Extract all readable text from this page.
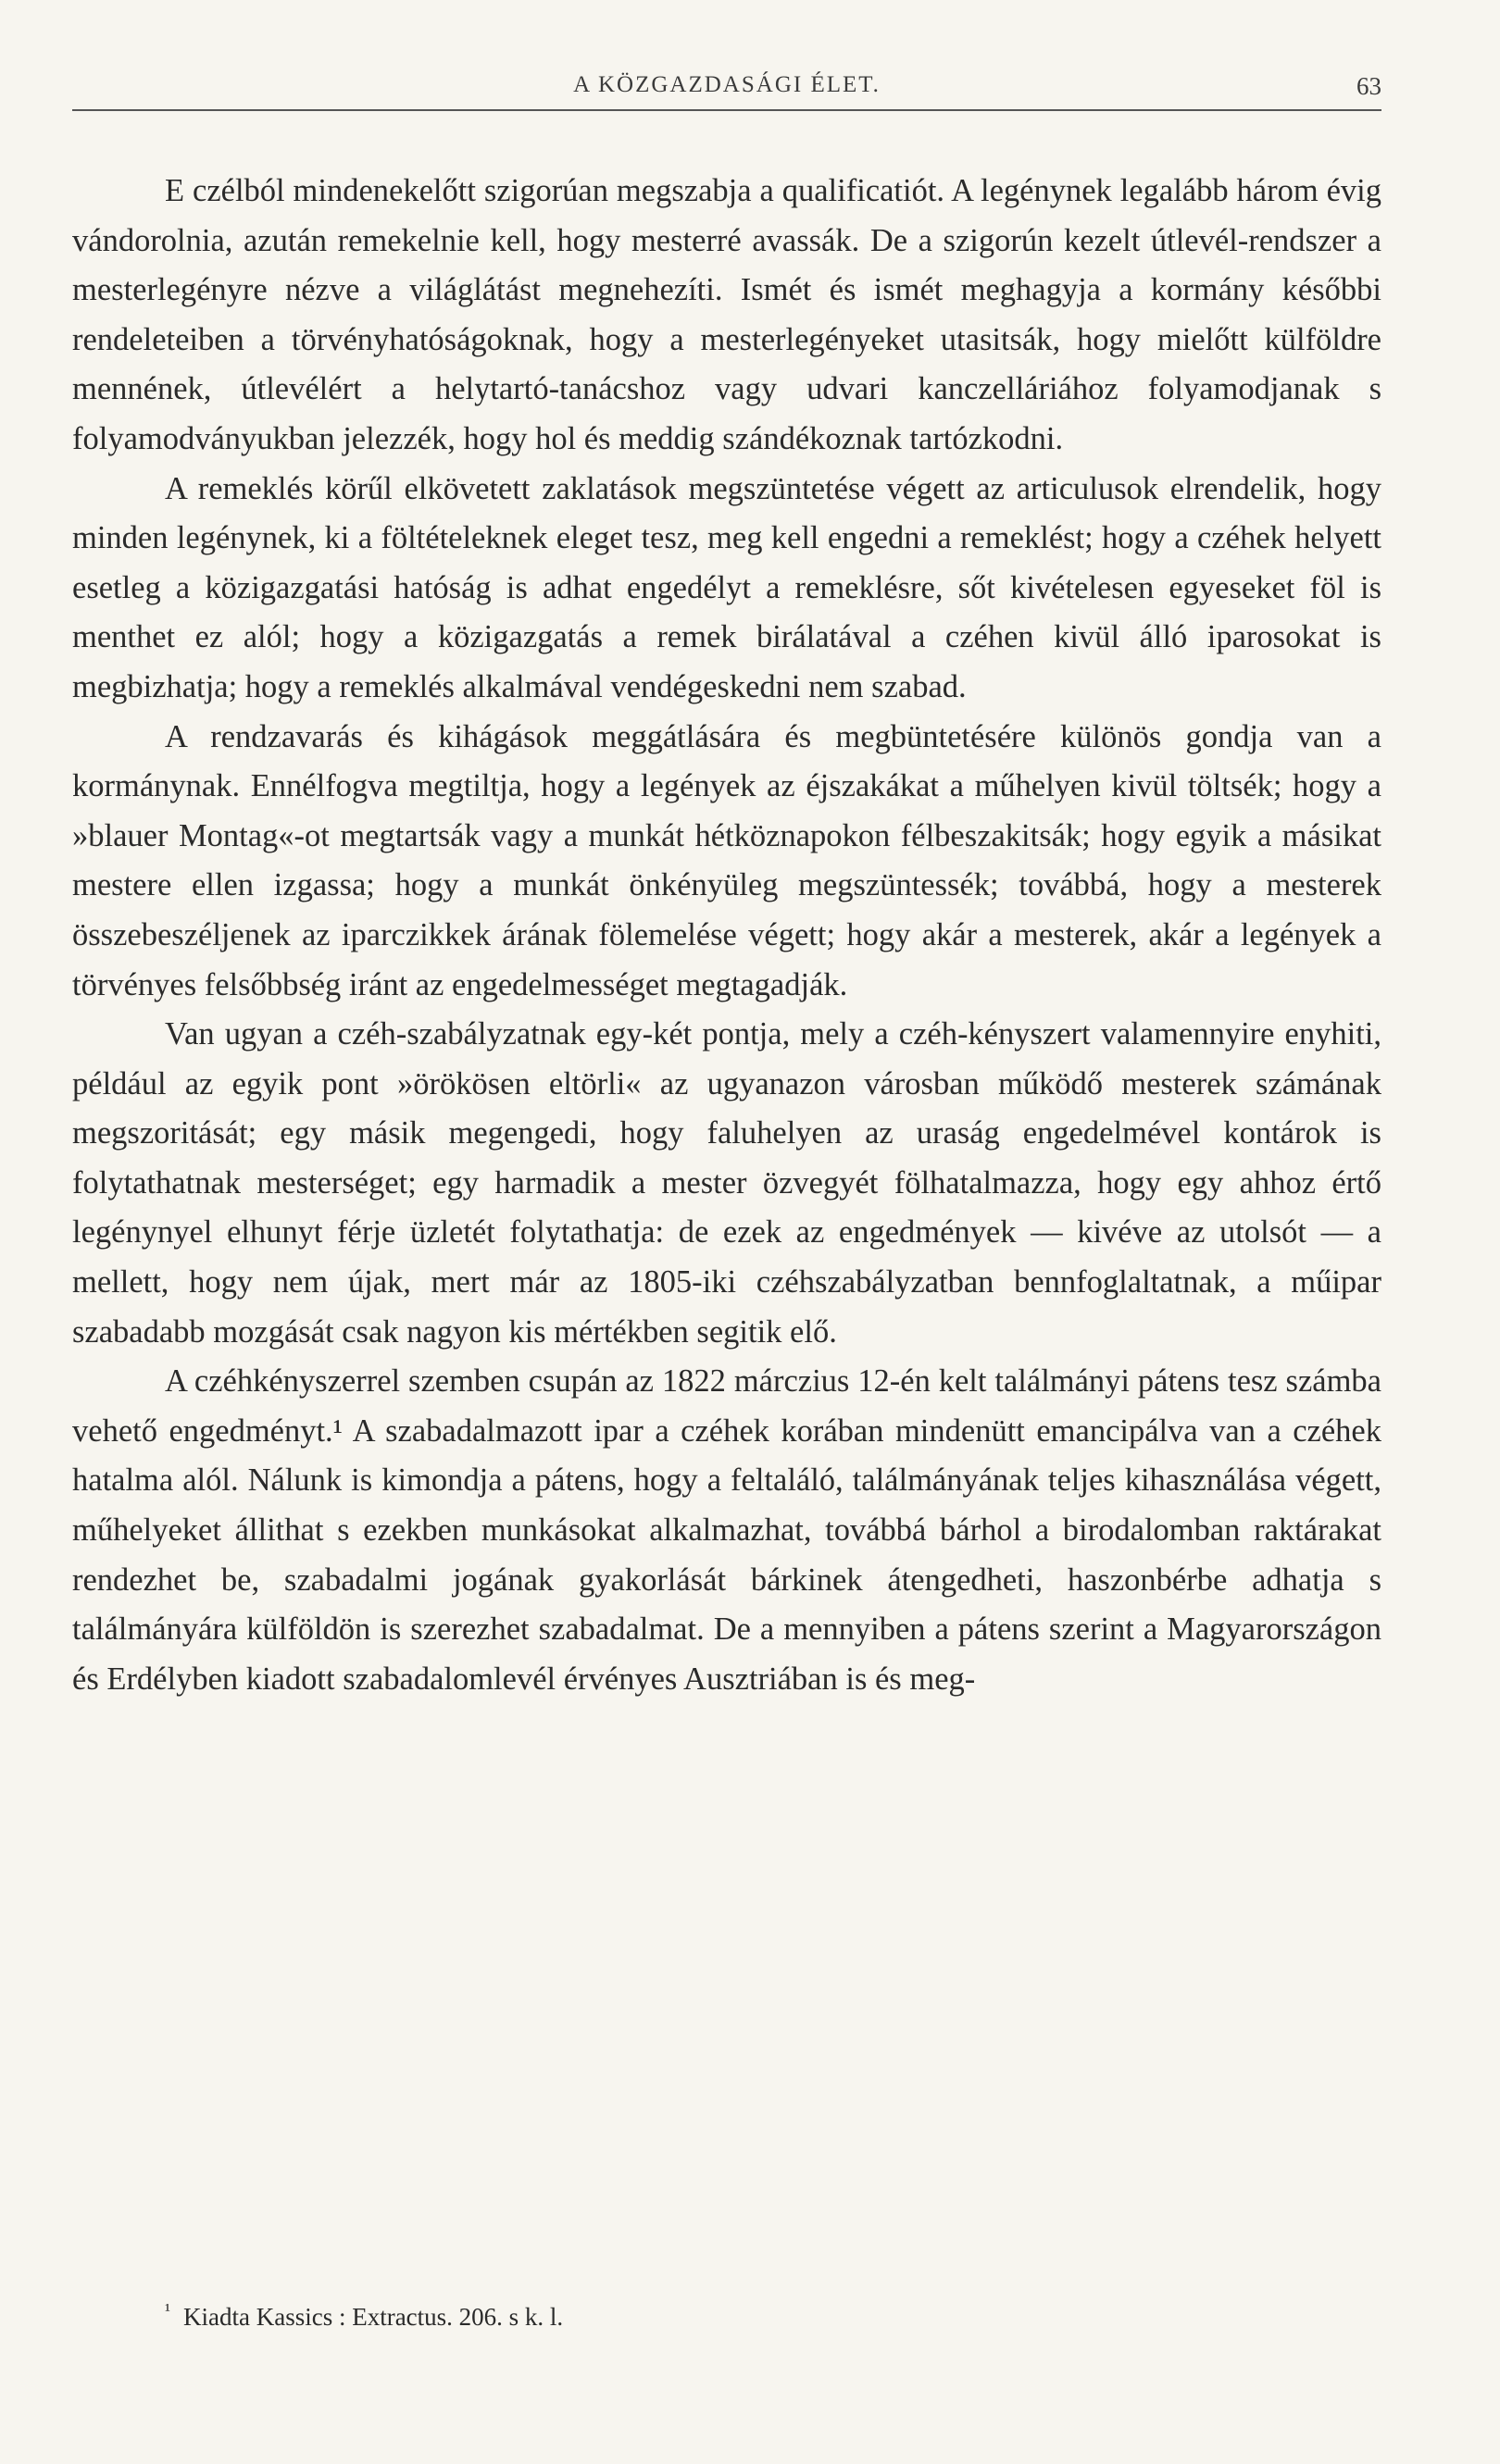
A KÖZGAZDASÁGI ÉLET.	63

E czélból mindenekelőtt szigorúan megszabja a qualificatiót. A legénynek legalább három évig vándorolnia, azután remekelnie kell, hogy mesterré avassák. De a szigorún kezelt útlevél-rendszer a mesterlegényre nézve a világlátást megnehezíti. Ismét és ismét meghagyja a kormány későbbi rendeleteiben a törvényhatóságoknak, hogy a mesterlegényeket utasitsák, hogy mielőtt külföldre mennének, útlevélért a helytartó-tanácshoz vagy udvari kanczelláriához folyamodjanak s folyamodványukban jelezzék, hogy hol és meddig szándékoznak tartózkodni.

A remeklés körűl elkövetett zaklatások megszüntetése végett az articulusok elrendelik, hogy minden legénynek, ki a föltételeknek eleget tesz, meg kell engedni a remeklést; hogy a czéhek helyett esetleg a közigazgatási hatóság is adhat engedélyt a remeklésre, sőt kivételesen egyeseket föl is menthet ez alól; hogy a közigazgatás a remek birálatával a czéhen kivül álló iparosokat is megbizhatja; hogy a remeklés alkalmával vendégeskedni nem szabad.

A rendzavarás és kihágások meggátlására és megbüntetésére különös gondja van a kormánynak. Ennélfogva megtiltja, hogy a legények az éjszakákat a műhelyen kivül töltsék; hogy a »blauer Montag«-ot megtartsák vagy a munkát hétköznapokon félbeszakitsák; hogy egyik a másikat mestere ellen izgassa; hogy a munkát önkényüleg megszüntessék; továbbá, hogy a mesterek összebeszéljenek az iparczikkek árának fölemelése végett; hogy akár a mesterek, akár a legények a törvényes felsőbbség iránt az engedelmességet megtagadják.

Van ugyan a czéh-szabályzatnak egy-két pontja, mely a czéh-kényszert valamennyire enyhiti, például az egyik pont »örökösen eltörli« az ugyanazon városban működő mesterek számának megszoritását; egy másik megengedi, hogy faluhelyen az uraság engedelmével kontárok is folytathatnak mesterséget; egy harmadik a mester özvegyét fölhatalmazza, hogy egy ahhoz értő legénynyel elhunyt férje üzletét folytathatja: de ezek az engedmények — kivéve az utolsót — a mellett, hogy nem újak, mert már az 1805-iki czéhszabályzatban bennfoglaltatnak, a műipar szabadabb mozgását csak nagyon kis mértékben segitik elő.

A czéhkényszerrel szemben csupán az 1822 márczius 12-én kelt találmányi pátens tesz számba vehető engedményt.¹ A szabadalmazott ipar a czéhek korában mindenütt emancipálva van a czéhek hatalma alól. Nálunk is kimondja a pátens, hogy a feltaláló, találmányának teljes kihasználása végett, műhelyeket állithat s ezekben munkásokat alkalmazhat, továbbá bárhol a birodalomban raktárakat rendezhet be, szabadalmi jogának gyakorlását bárkinek átengedheti, haszonbérbe adhatja s találmányára külföldön is szerezhet szabadalmat. De a mennyiben a pátens szerint a Magyarországon és Erdélyben kiadott szabadalomlevél érvényes Ausztriában is és meg-

$^{^1}$ Kiadta Kassics : Extractus. 206. s k. l.
